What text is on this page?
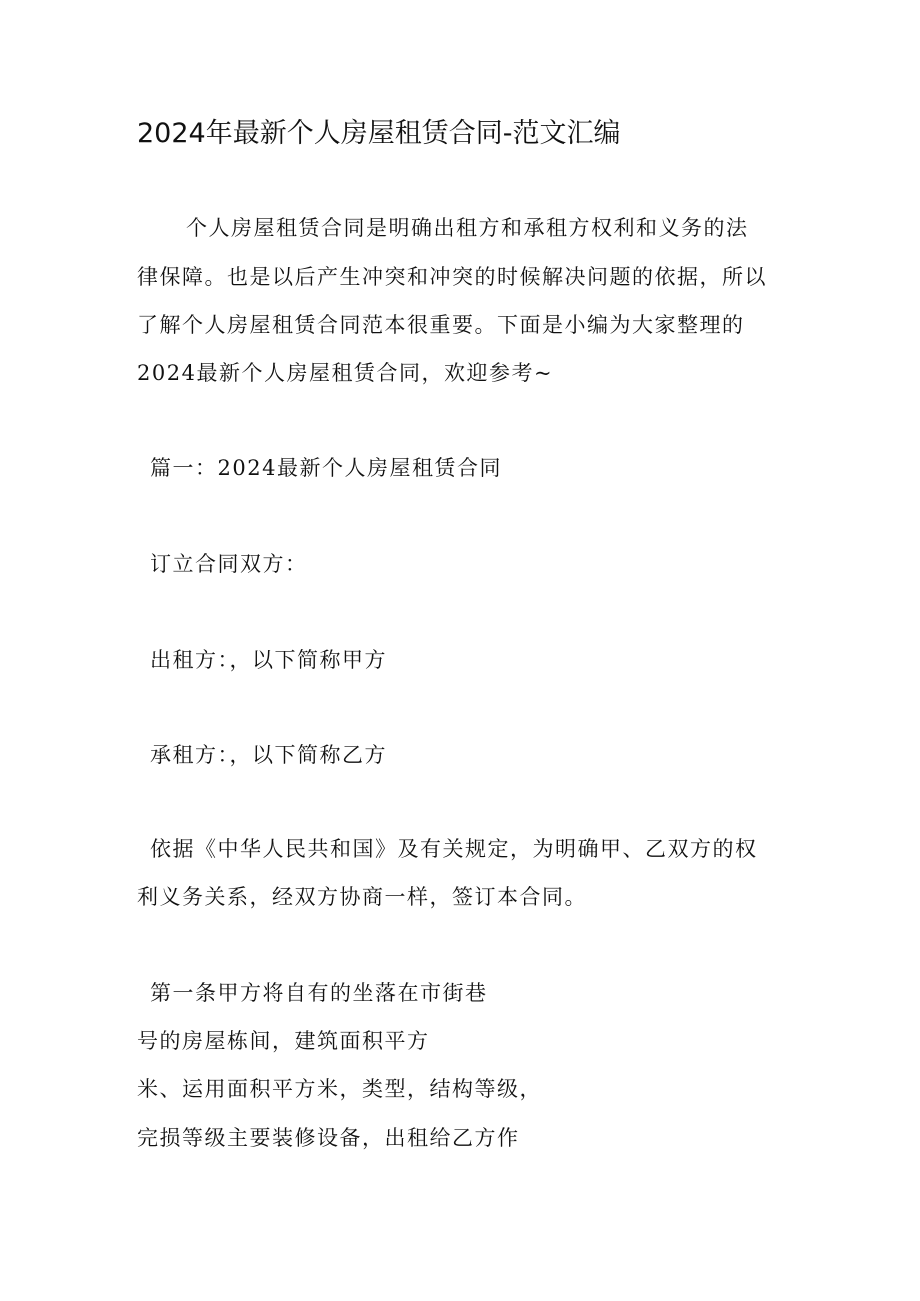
2024年最新个人房屋租赁合同-范文汇编
个人房屋租赁合同是明确出租方和承租方权利和义务的法
律保障。也是以后产生冲突和冲突的时候解决问题的依据，所以
了解个人房屋租赁合同范本很重要。下面是小编为大家整理的
2024最新个人房屋租赁合同，欢迎参考~
篇一：2024最新个人房屋租赁合同
订立合同双方：
出租方：，以下简称甲方
承租方：，以下简称乙方
依据《中华人民共和国》及有关规定，为明确甲、乙双方的权
利义务关系，经双方协商一样，签订本合同。
第一条甲方将自有的坐落在市街巷
号的房屋栋间，建筑面积平方
米、运用面积平方米，类型，结构等级，
完损等级主要装修设备，出租给乙方作
